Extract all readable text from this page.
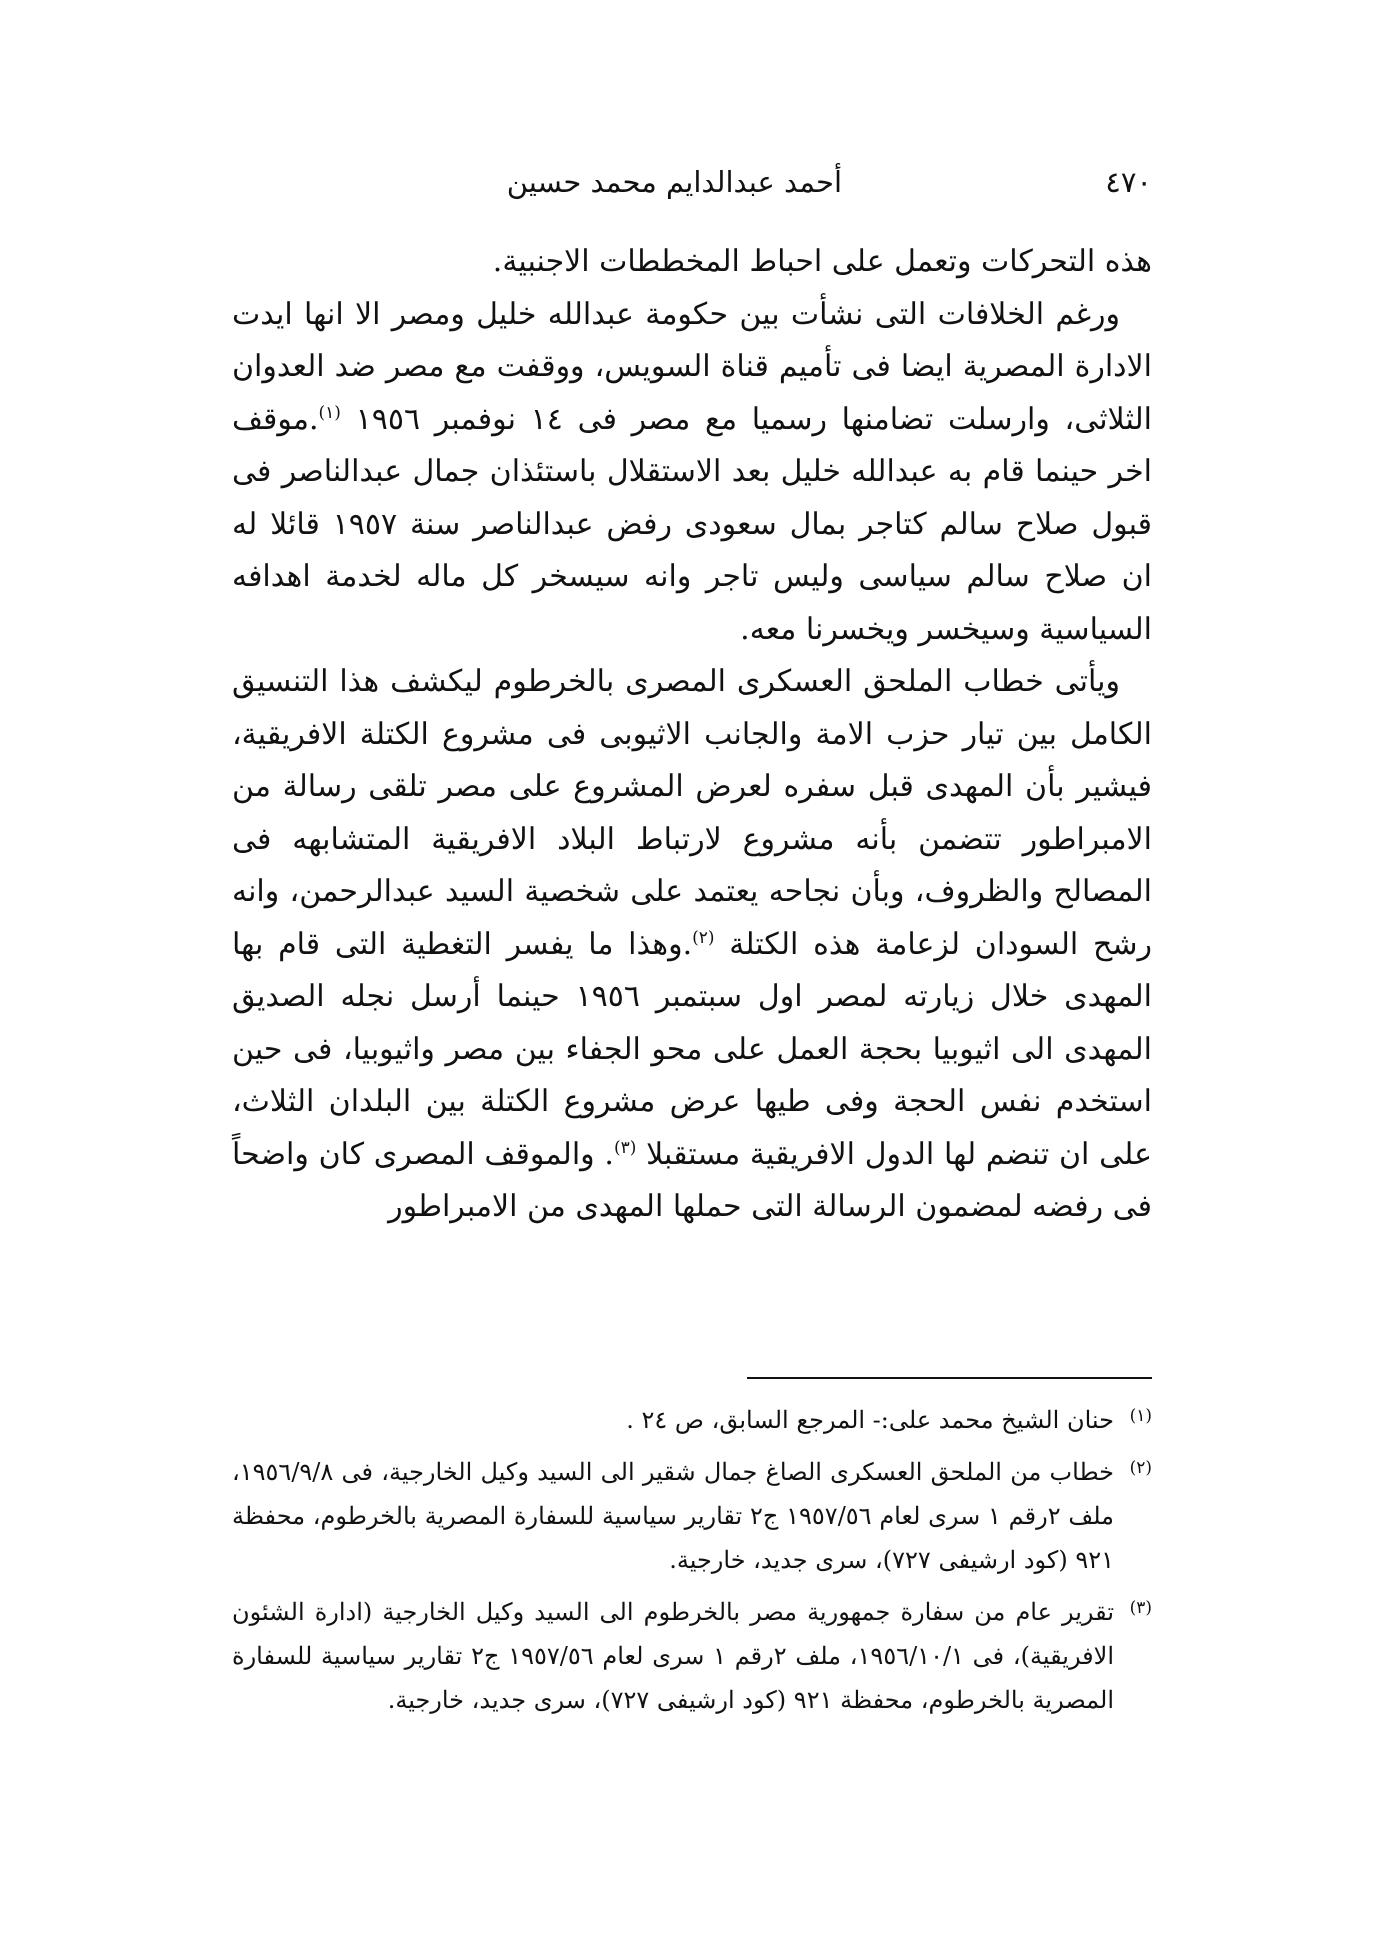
أحمد عبدالدايم محمد حسين	٤٧٠

هذه التحركات وتعمل على احباط المخططات الاجنبية.

ورغم الخلافات التى نشأت بين حكومة عبدالله خليل ومصر الا انها ايدت الادارة المصرية ايضا فى تأميم قناة السويس، ووقفت مع مصر ضد العدوان الثلاثى، وارسلت تضامنها رسميا مع مصر فى ١٤ نوفمبر ١٩٥٦ $^{(١)}$.موقف اخر حينما قام به عبدالله خليل بعد الاستقلال باستئذان جمال عبدالناصر فى قبول صلاح سالم كتاجر بمال سعودى رفض عبدالناصر سنة ١٩٥٧ قائلا له ان صلاح سالم سياسى وليس تاجر وانه سيسخر كل ماله لخدمة اهدافه السياسية وسيخسر ويخسرنا معه.

ويأتى خطاب الملحق العسكرى المصرى بالخرطوم ليكشف هذا التنسيق الكامل بين تيار حزب الامة والجانب الاثيوبى فى مشروع الكتلة الافريقية، فيشير بأن المهدى قبل سفره لعرض المشروع على مصر تلقى رسالة من الامبراطور تتضمن بأنه مشروع لارتباط البلاد الافريقية المتشابهه فى المصالح والظروف، وبأن نجاحه يعتمد على شخصية السيد عبدالرحمن، وانه رشح السودان لزعامة هذه الكتلة $^{(٢)}$.وهذا ما يفسر التغطية التى قام بها المهدى خلال زيارته لمصر اول سبتمبر ١٩٥٦ حينما أرسل نجله الصديق المهدى الى اثيوبيا بحجة العمل على محو الجفاء بين مصر واثيوبيا، فى حين استخدم نفس الحجة وفى طيها عرض مشروع الكتلة بين البلدان الثلاث، على ان تنضم لها الدول الافريقية مستقبلا $^{(٣)}$. والموقف المصرى كان واضحاً فى رفضه لمضمون الرسالة التى حملها المهدى من الامبراطور

(١)
حنان الشيخ محمد على:- المرجع السابق، ص ٢٤ .
(٢)
خطاب من الملحق العسكرى الصاغ جمال شقير الى السيد وكيل الخارجية، فى ١٩٥٦/٩/٨، ملف ٢رقم ١ سرى لعام ١٩٥٧/٥٦ ج٢ تقارير سياسية للسفارة المصرية بالخرطوم، محفظة ٩٢١ (كود ارشيفى ٧٢٧)، سرى جديد، خارجية.
(٣)
تقرير عام من سفارة جمهورية مصر بالخرطوم الى السيد وكيل الخارجية (ادارة الشئون الافريقية)، فى ١٩٥٦/١٠/١، ملف ٢رقم ١ سرى لعام ١٩٥٧/٥٦ ج٢ تقارير سياسية للسفارة المصرية بالخرطوم، محفظة ٩٢١ (كود ارشيفى ٧٢٧)، سرى جديد، خارجية.
